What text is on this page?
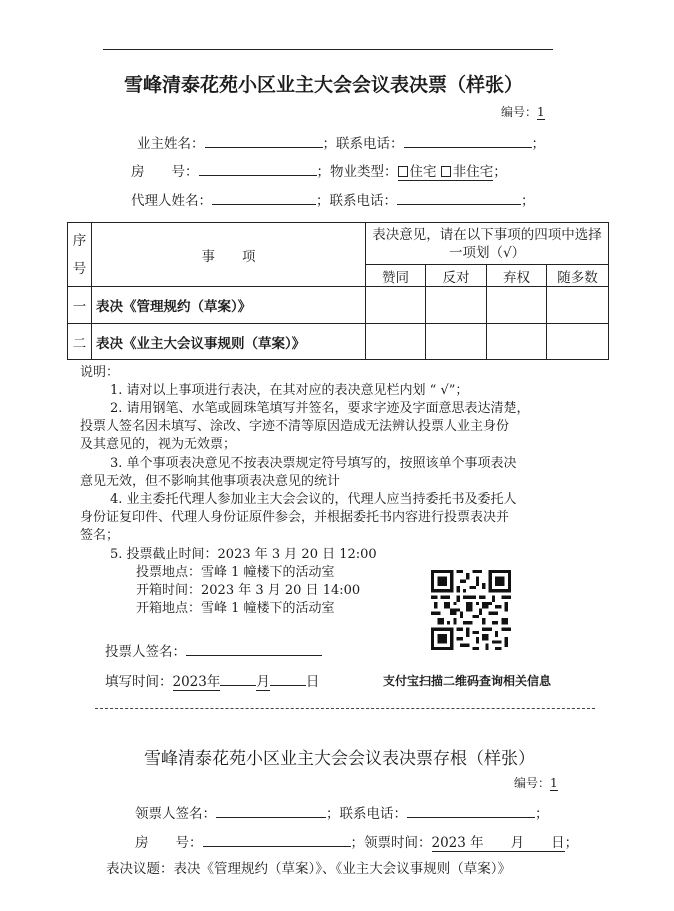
雪峰清泰花苑小区业主大会会议表决票（样张）
编号：1
业主姓名：	；联系电话：	；
房　　号：	；物业类型： 住宅 非住宅；
代理人姓名：	；联系电话：	；
序
号	事　　项	表决意见，请在以下事项的四项中选择一项划（√）			
		赞同	反对	弃权	随多数
一	表决《管理规约（草案）》				
二	表决《业主大会议事规则（草案）》				

说明：

1. 请对以上事项进行表决，在其对应的表决意见栏内划 “ √”；

2. 请用钢笔、水笔或圆珠笔填写并签名，要求字迹及字面意思表达清楚，

投票人签名因未填写、涂改、字迹不清等原因造成无法辨认投票人业主身份

及其意见的，视为无效票；

3. 单个事项表决意见不按表决票规定符号填写的，按照该单个事项表决

意见无效，但不影响其他事项表决意见的统计

4. 业主委托代理人参加业主大会会议的，代理人应当持委托书及委托人

身份证复印件、代理人身份证原件参会，并根据委托书内容进行投票表决并

签名；

5. 投票截止时间：2023 年 3 月 20 日 12:00

投票地点：雪峰 1 幢楼下的活动室

开箱时间：2023 年 3 月 20 日 14:00

开箱地点：雪峰 1 幢楼下的活动室

投票人签名：
填写时间：2023年	月	日	支付宝扫描二维码查询相关信息
雪峰清泰花苑小区业主大会会议表决票存根（样张）
编号：1
领票人签名：	；联系电话：	；
房　　号：	；领票时间：2023 年　　月　　日；
表决议题：表决《管理规约（草案）》、《业主大会议事规则（草案）》
